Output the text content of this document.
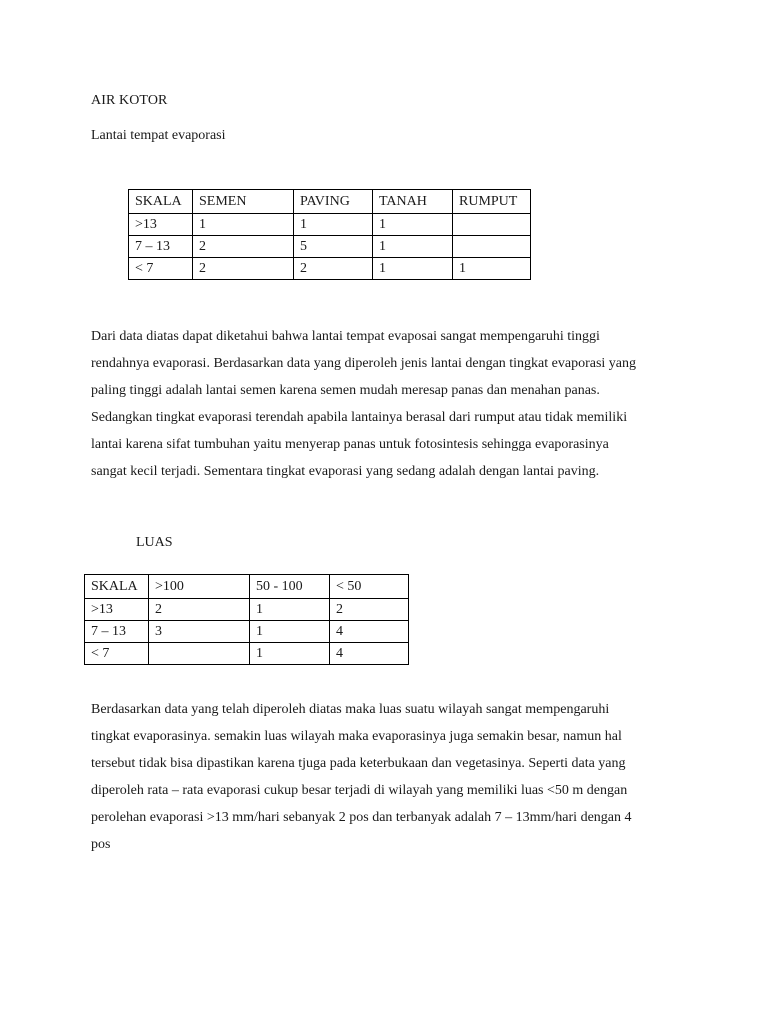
AIR KOTOR
Lantai tempat evaporasi
SKALA	SEMEN	PAVING	TANAH	RUMPUT
>13	1	1	1	
7 – 13	2	5	1	
< 7	2	2	1	1
Dari data diatas dapat diketahui bahwa lantai tempat evaposai sangat mempengaruhi tinggi
rendahnya evaporasi. Berdasarkan data yang diperoleh jenis lantai dengan tingkat evaporasi yang
paling tinggi adalah lantai semen karena semen mudah meresap panas dan menahan panas.
Sedangkan tingkat evaporasi terendah apabila lantainya berasal dari rumput atau tidak memiliki
lantai karena sifat tumbuhan yaitu menyerap panas untuk fotosintesis sehingga evaporasinya
sangat kecil terjadi. Sementara tingkat evaporasi yang sedang adalah dengan lantai paving.
LUAS
SKALA	>100	50 - 100	< 50
>13	2	1	2
7 – 13	3	1	4
< 7		1	4
Berdasarkan data yang telah diperoleh diatas maka luas suatu wilayah sangat mempengaruhi
tingkat evaporasinya. semakin luas wilayah maka evaporasinya juga semakin besar, namun hal
tersebut tidak bisa dipastikan karena tjuga pada keterbukaan dan vegetasinya. Seperti data yang
diperoleh rata – rata evaporasi cukup besar terjadi di wilayah yang memiliki luas <50 m dengan
perolehan evaporasi >13 mm/hari sebanyak 2 pos dan terbanyak adalah 7 – 13mm/hari dengan 4
pos
